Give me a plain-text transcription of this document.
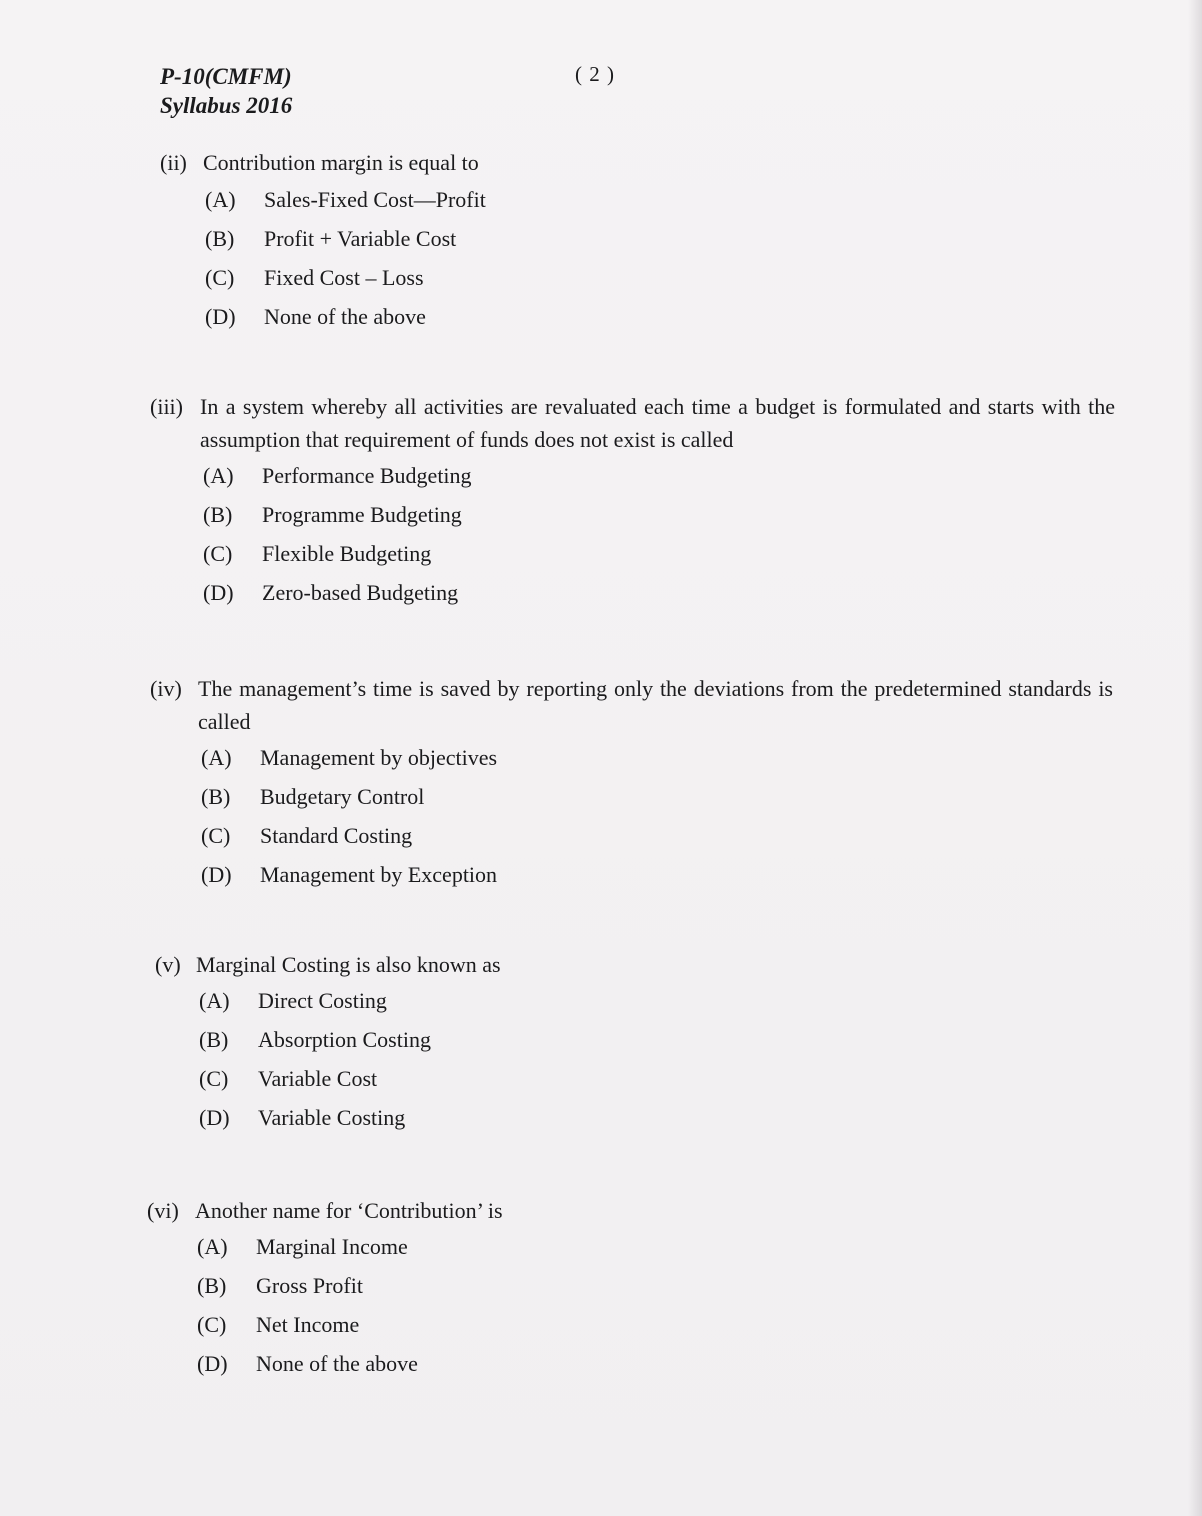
P-10(CMFM)
Syllabus 2016
( 2 )
(ii) Contribution margin is equal to
(A) Sales-Fixed Cost—Profit
(B) Profit + Variable Cost
(C) Fixed Cost – Loss
(D) None of the above
(iii) In a system whereby all activities are revaluated each time a budget is formulated and starts with the assumption that requirement of funds does not exist is called
(A) Performance Budgeting
(B) Programme Budgeting
(C) Flexible Budgeting
(D) Zero-based Budgeting
(iv) The management’s time is saved by reporting only the deviations from the predetermined standards is called
(A) Management by objectives
(B) Budgetary Control
(C) Standard Costing
(D) Management by Exception
(v) Marginal Costing is also known as
(A) Direct Costing
(B) Absorption Costing
(C) Variable Cost
(D) Variable Costing
(vi) Another name for ‘Contribution’ is
(A) Marginal Income
(B) Gross Profit
(C) Net Income
(D) None of the above
